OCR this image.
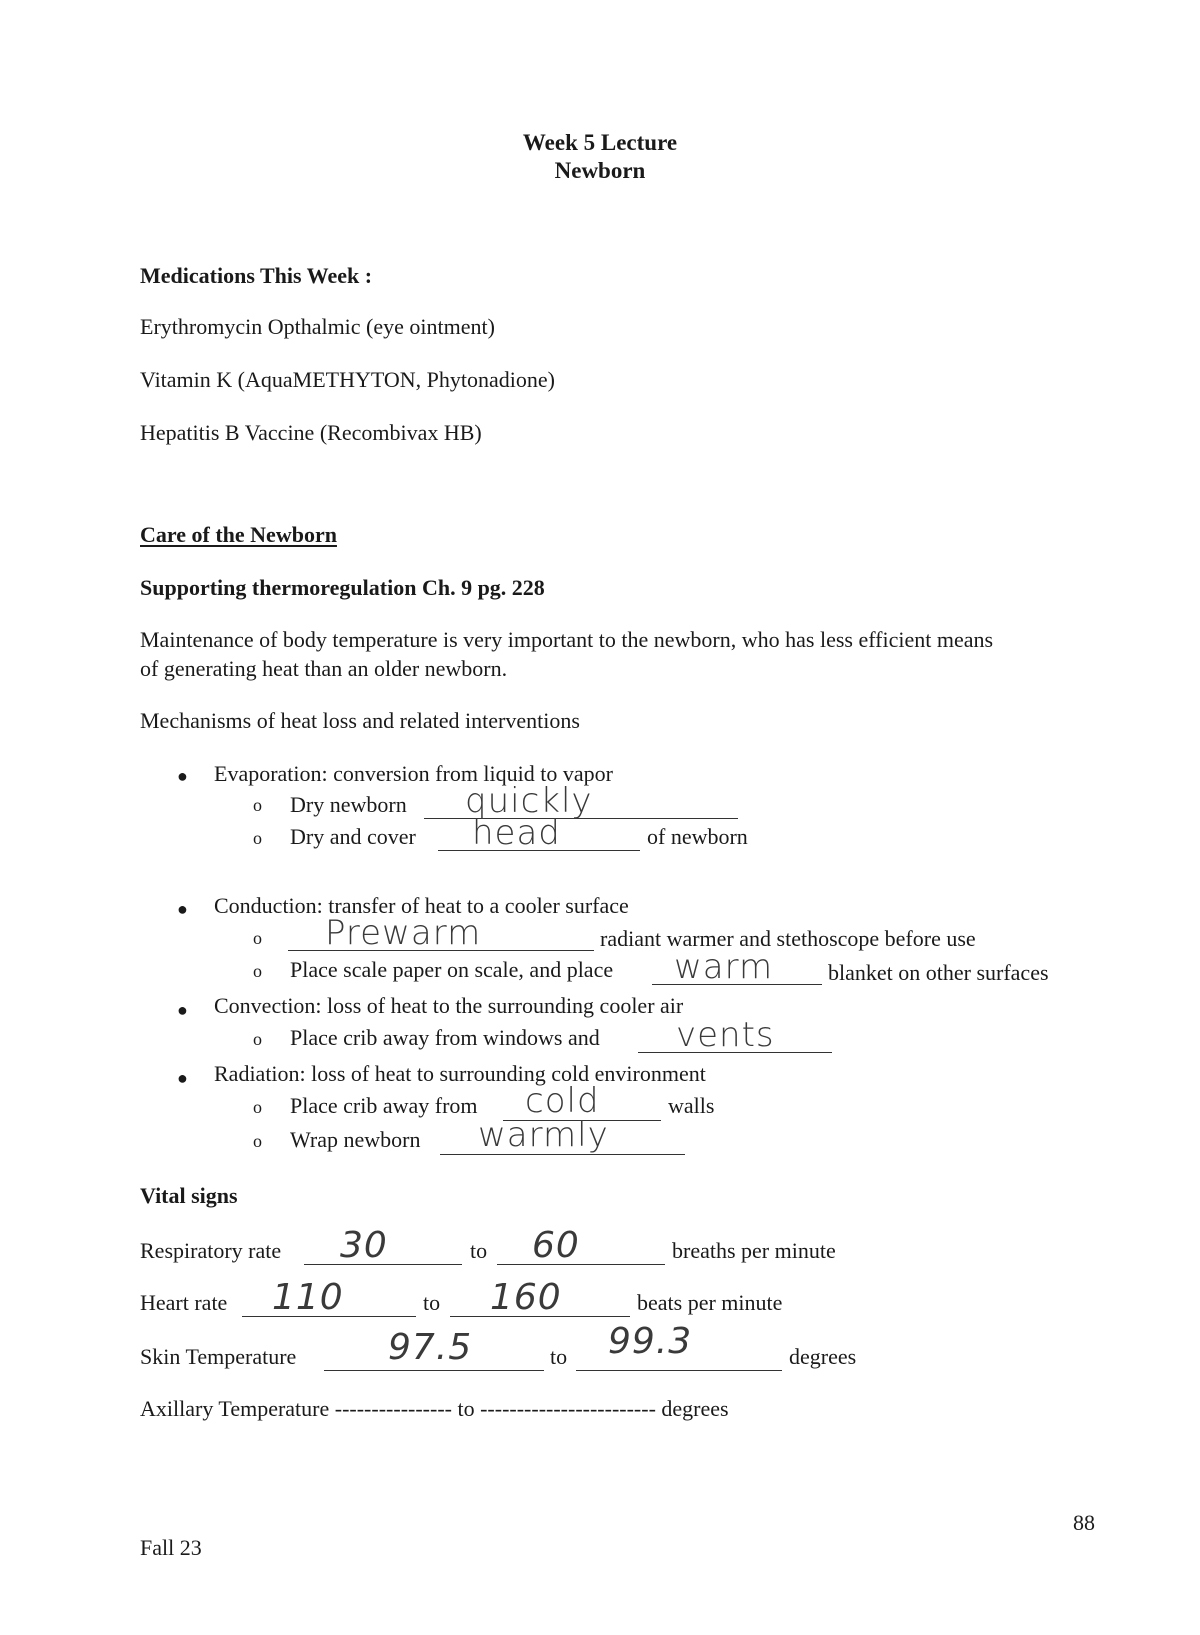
Week 5 Lecture
Newborn
Medications This Week :
Erythromycin Opthalmic (eye ointment)
Vitamin K (AquaMETHYTON, Phytonadione)
Hepatitis B Vaccine (Recombivax HB)
Care of the Newborn
Supporting thermoregulation Ch. 9 pg. 228
Maintenance of body temperature is very important to the newborn, who has less efficient means
of generating heat than an older newborn.
Mechanisms of heat loss and related interventions
● Evaporation: conversion from liquid to vapor
o Dry newborn quickly
o Dry and cover head	of newborn
● Conduction: transfer of heat to a cooler surface
o Prewarm	radiant warmer and stethoscope before use
o Place scale paper on scale, and place warm blanket on other surfaces
● Convection: loss of heat to the surrounding cooler air
o Place crib away from windows and vents
● Radiation: loss of heat to surrounding cold environment
o Place crib away from cold	walls
o Wrap newborn warmly
Vital signs
Respiratory rate 30	to 60	breaths per minute
Heart rate 110	to 160	beats per minute
Skin Temperature	97.5	to 99.3	degrees
Axillary Temperature ---------------- to ------------------------ degrees
Fall 23
88
